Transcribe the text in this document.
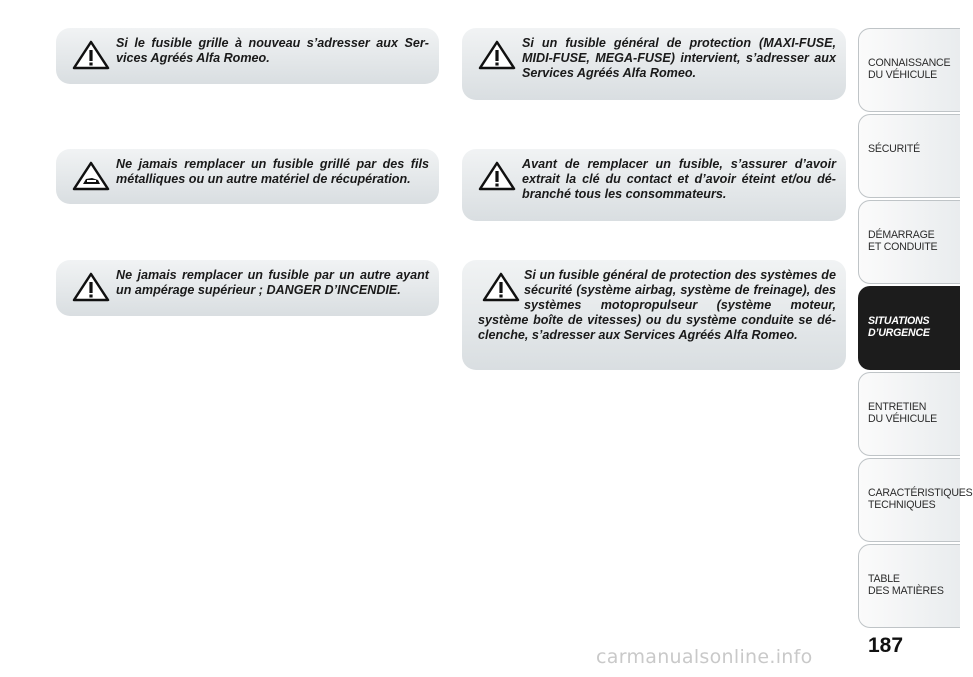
Si le fusible grille à nouveau s’adresser aux Ser- vices Agréés Alfa Romeo.
Ne jamais remplacer un fusible grillé par des fils métalliques ou un autre matériel de récupération.
Ne jamais remplacer un fusible par un autre ayant un ampérage supérieur ; DANGER D’INCENDIE.
Si un fusible général de protection (MAXI-FUSE, MIDI-FUSE, MEGA-FUSE) intervient, s’adresser aux Services Agréés Alfa Romeo.
Avant de remplacer un fusible, s’assurer d’avoir extrait la clé du contact et d’avoir éteint et/ou dé- branché tous les consommateurs.
Si un fusible général de protection des systèmes de sécurité (système airbag, système de freinage), des systèmes motopropulseur (système moteur, système boîte de vitesses) ou du système conduite se dé- clenche, s’adresser aux Services Agréés Alfa Romeo.
CONNAISSANCE
DU VÉHICULE
SÉCURITÉ
DÉMARRAGE
ET CONDUITE
SITUATIONS
D’URGENCE
ENTRETIEN
DU VÉHICULE
CARACTÉRISTIQUES
TECHNIQUES
TABLE
DES MATIÈRES
187
carmanualsonline.info
